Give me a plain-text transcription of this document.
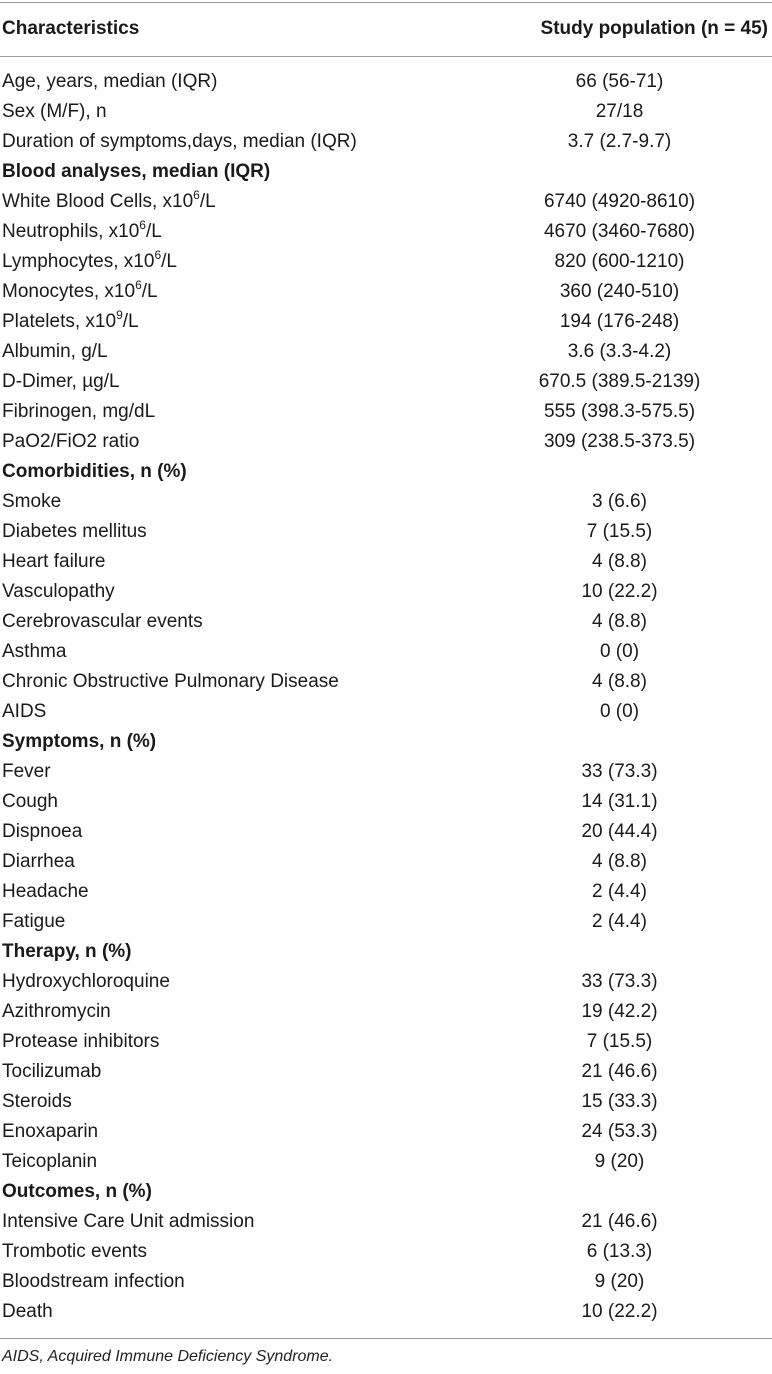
Characteristics	Study population (n = 45)
Age, years, median (IQR)	66 (56-71)
Sex (M/F), n	27/18
Duration of symptoms,days, median (IQR)	3.7 (2.7-9.7)
Blood analyses, median (IQR)
White Blood Cells, $x10^6/L$	6740 (4920-8610)
Neutrophils, $x10^6/L$	4670 (3460-7680)
Lymphocytes, $x10^6/L$	820 (600-1210)
Monocytes, $x10^6/L$	360 (240-510)
Platelets, $x10^9/L$	194 (176-248)
Albumin, g/L	3.6 (3.3-4.2)
D-Dimer, µg/L	670.5 (389.5-2139)
Fibrinogen, mg/dL	555 (398.3-575.5)
PaO2/FiO2 ratio	309 (238.5-373.5)
Comorbidities, n (%)
Smoke	3 (6.6)
Diabetes mellitus	7 (15.5)
Heart failure	4 (8.8)
Vasculopathy	10 (22.2)
Cerebrovascular events	4 (8.8)
Asthma	0 (0)
Chronic Obstructive Pulmonary Disease	4 (8.8)
AIDS	0 (0)
Symptoms, n (%)
Fever	33 (73.3)
Cough	14 (31.1)
Dispnoea	20 (44.4)
Diarrhea	4 (8.8)
Headache	2 (4.4)
Fatigue	2 (4.4)
Therapy, n (%)
Hydroxychloroquine	33 (73.3)
Azithromycin	19 (42.2)
Protease inhibitors	7 (15.5)
Tocilizumab	21 (46.6)
Steroids	15 (33.3)
Enoxaparin	24 (53.3)
Teicoplanin	9 (20)
Outcomes, n (%)
Intensive Care Unit admission	21 (46.6)
Trombotic events	6 (13.3)
Bloodstream infection	9 (20)
Death	10 (22.2)
AIDS, Acquired Immune Deficiency Syndrome.
